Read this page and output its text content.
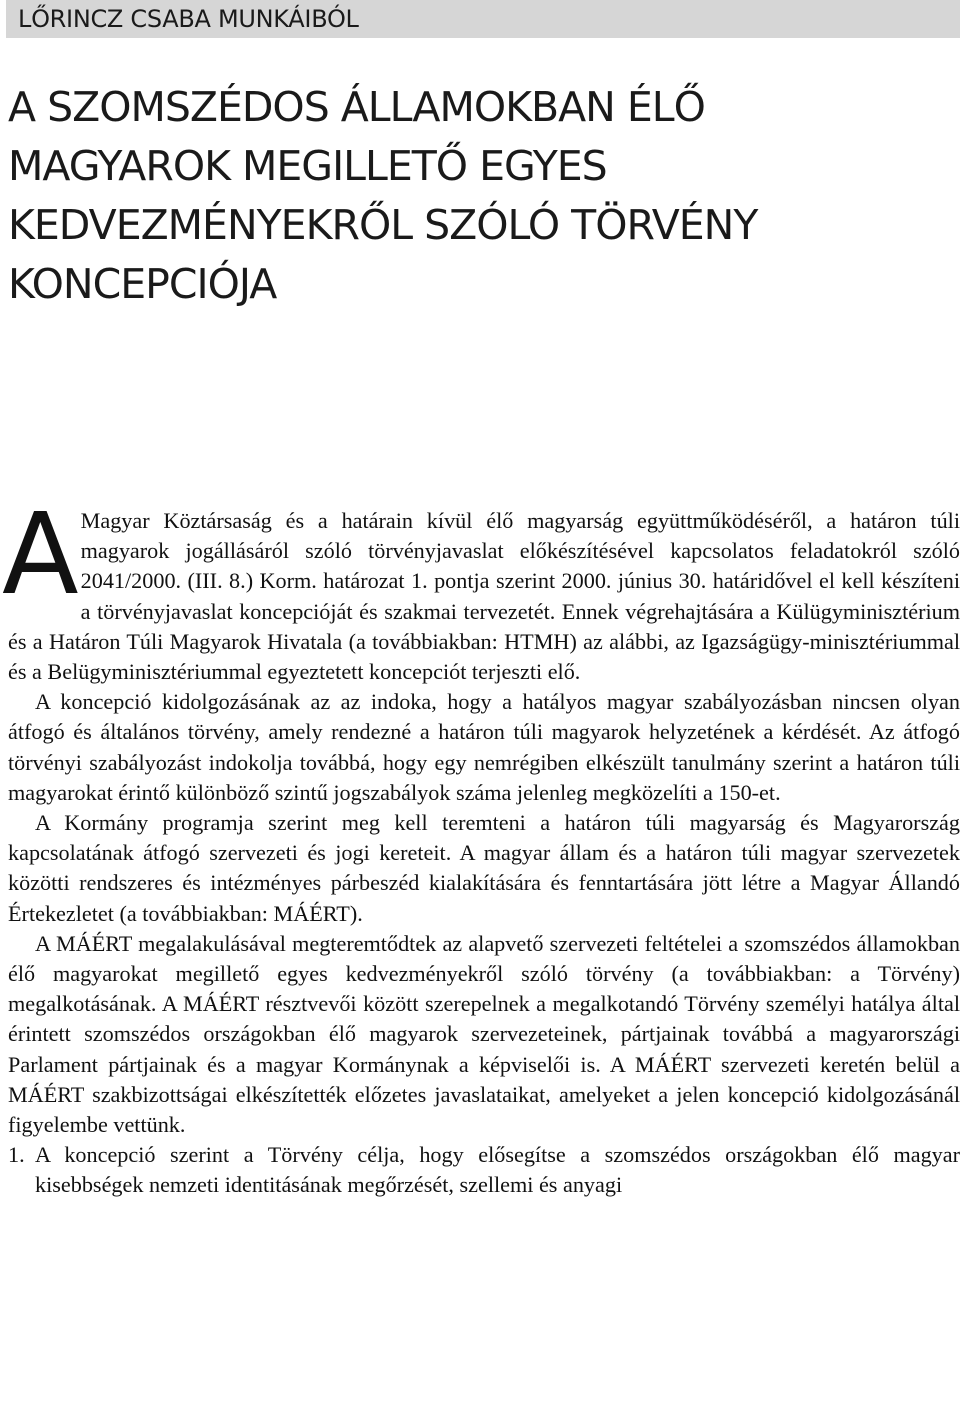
LŐRINCZ CSABA MUNKÁIBÓL
A SZOMSZÉDOS ÁLLAMOKBAN ÉLŐ
MAGYAROK MEGILLETŐ EGYES
KEDVEZMÉNYEKRŐL SZÓLÓ TÖRVÉNY
KONCEPCIÓJA

A Magyar Köztársaság és a határain kívül élő magyarság együttműködéséről, a határon túli magyarok jogállásáról szóló törvényjavaslat előkészítésével kapcsolatos feladatokról szóló 2041/2000. (III. 8.) Korm. határozat 1. pontja szerint 2000. június 30. határidővel el kell készíteni a törvényjavaslat koncepcióját és szakmai tervezetét. Ennek végrehajtására a Külügyminisztérium és a Határon Túli Magyarok Hivatala (a továbbiakban: HTMH) az alábbi, az Igazságügy-minisztériummal és a Belügyminisztériummal egyeztetett koncepciót terjeszti elő.

A koncepció kidolgozásának az az indoka, hogy a hatályos magyar szabályozásban nincsen olyan átfogó és általános törvény, amely rendezné a határon túli magyarok helyzetének a kérdését. Az átfogó törvényi szabályozást indokolja továbbá, hogy egy nemrégiben elkészült tanulmány szerint a határon túli magyarokat érintő különböző szintű jogszabályok száma jelenleg megközelíti a 150-et.

A Kormány programja szerint meg kell teremteni a határon túli magyarság és Magyarország kapcsolatának átfogó szervezeti és jogi kereteit. A magyar állam és a határon túli magyar szervezetek közötti rendszeres és intézményes párbeszéd kialakítására és fenntartására jött létre a Magyar Állandó Értekezletet (a továbbiakban: MÁÉRT).

A MÁÉRT megalakulásával megteremtődtek az alapvető szervezeti feltételei a szomszédos államokban élő magyarokat megillető egyes kedvezményekről szóló törvény (a továbbiakban: a Törvény) megalkotásának. A MÁÉRT résztvevői között szerepelnek a megalkotandó Törvény személyi hatálya által érintett szomszédos országokban élő magyarok szervezeteinek, pártjainak továbbá a magyarországi Parlament pártjainak és a magyar Kormánynak a képviselői is. A MÁÉRT szervezeti keretén belül a MÁÉRT szakbizottságai elkészítették előzetes javaslataikat, amelyeket a jelen koncepció kidolgozásánál figyelembe vettünk.

1. A koncepció szerint a Törvény célja, hogy elősegítse a szomszédos országokban élő magyar kisebbségek nemzeti identitásának megőrzését, szellemi és anyagi
